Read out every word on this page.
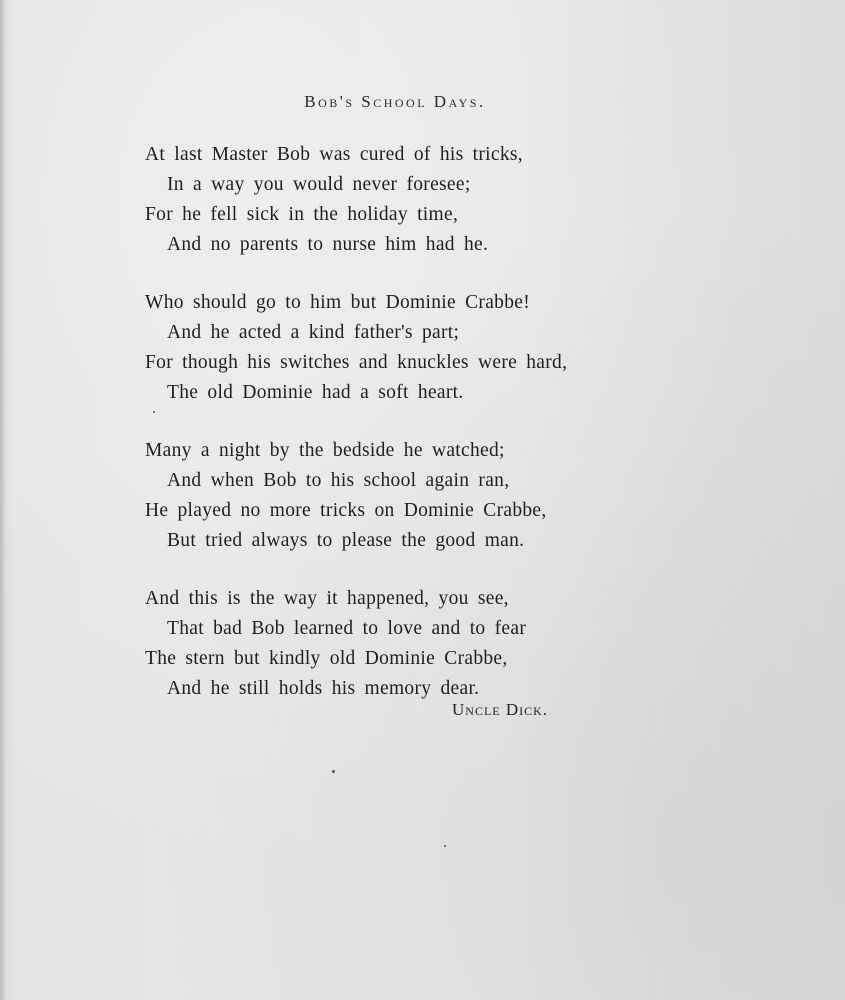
Bob's School Days.
At last Master Bob was cured of his tricks,
In a way you would never foresee;
For he fell sick in the holiday time,
And no parents to nurse him had he.
Who should go to him but Dominie Crabbe!
And he acted a kind father's part;
For though his switches and knuckles were hard,
The old Dominie had a soft heart.
Many a night by the bedside he watched;
And when Bob to his school again ran,
He played no more tricks on Dominie Crabbe,
But tried always to please the good man.
And this is the way it happened, you see,
That bad Bob learned to love and to fear
The stern but kindly old Dominie Crabbe,
And he still holds his memory dear.
Uncle Dick.
